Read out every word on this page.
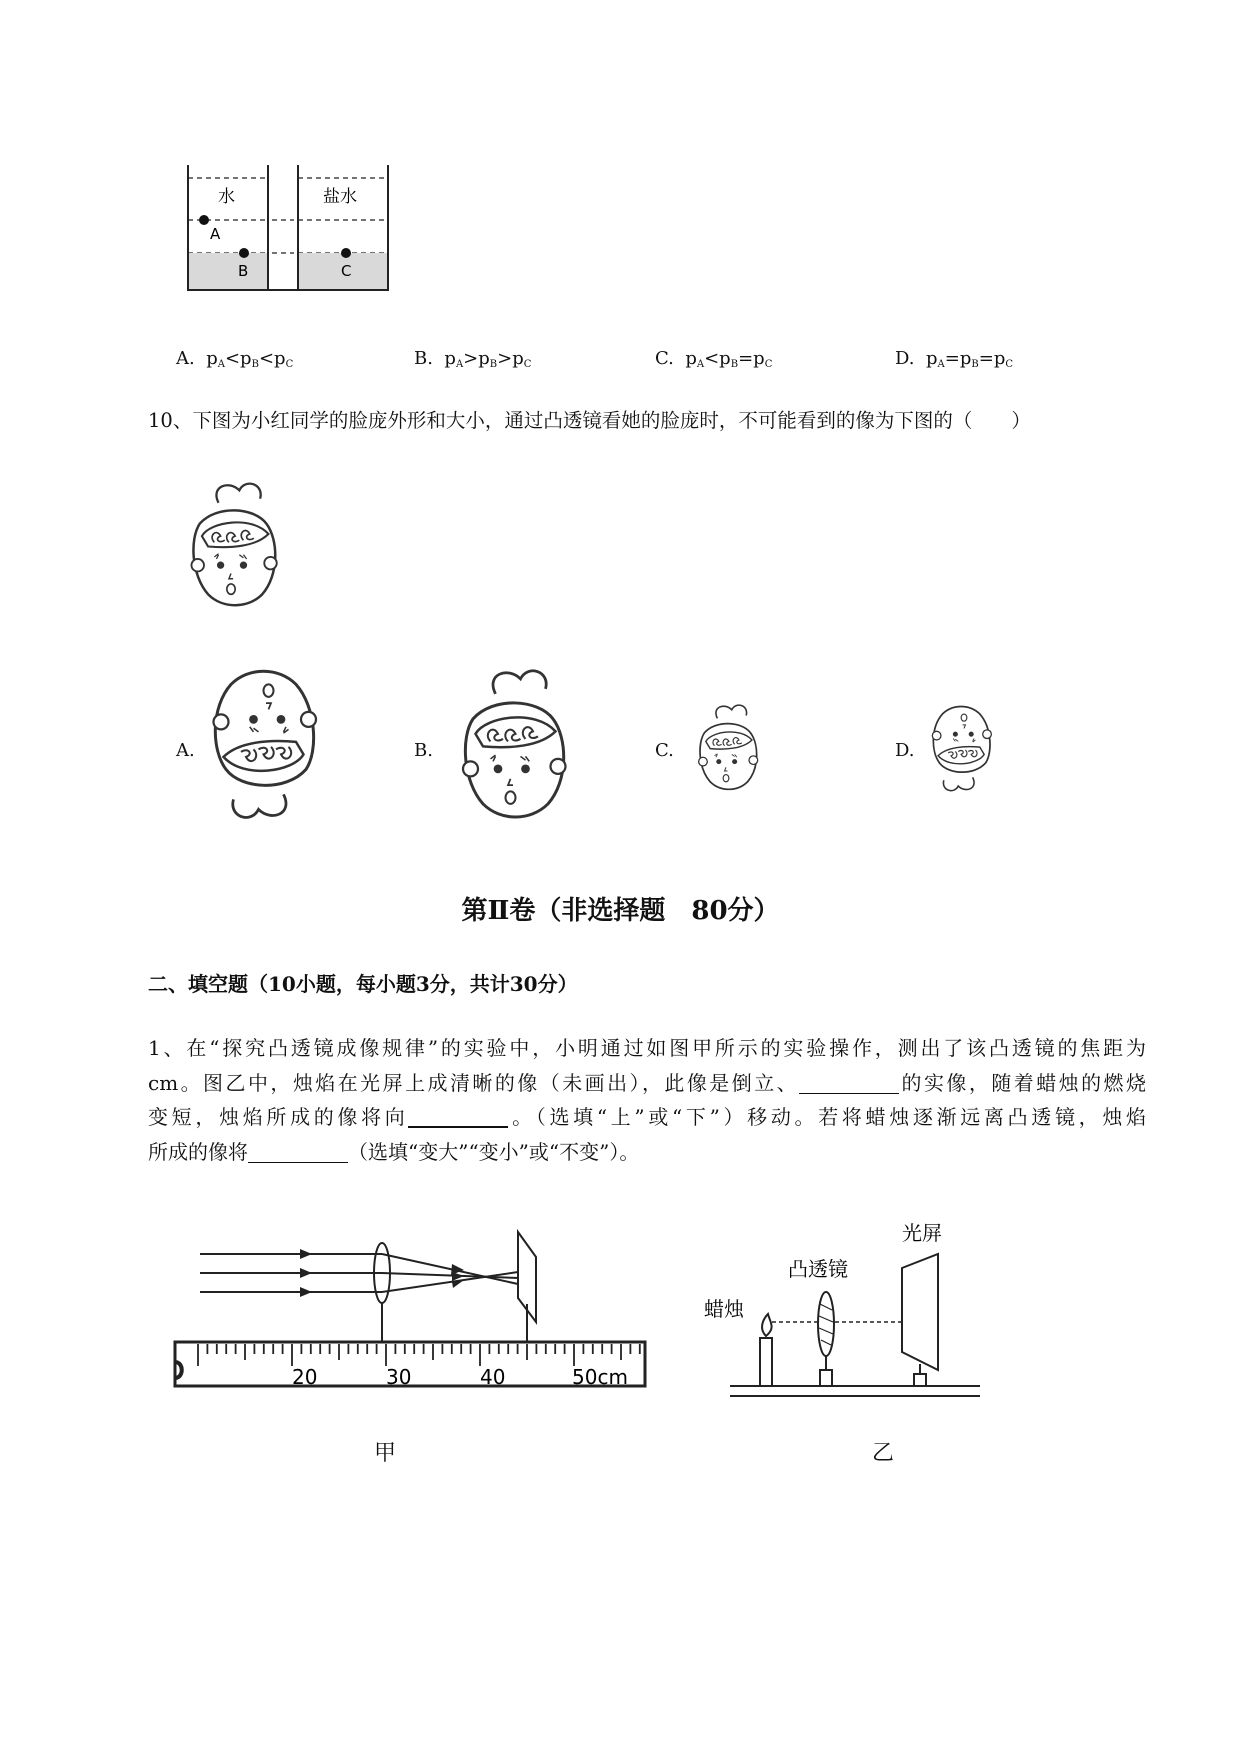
水	盐水
A
B	C
A. $p_A<p_B<p_C$	B. $p_A>p_B>p_C$	C. $p_A<p_B=p_C$	D. $p_A=p_B=p_C$
10、下图为小红同学的脸庞外形和大小，通过凸透镜看她的脸庞时，不可能看到的像为下图的（　　）
A.	B.	C.	D.
第Ⅱ卷（非选择题　80分）
二、填空题（10小题，每小题3分，共计30分）

1、在“探究凸透镜成像规律”的实验中，小明通过如图甲所示的实验操作，测出了该凸透镜的焦距为

cm。图乙中，烛焰在光屏上成清晰的像（未画出），此像是倒立、	的实像，随着蜡烛的燃烧

变短，烛焰所成的像将向	。（选填“上”或“下”）移动。若将蜡烛逐渐远离凸透镜，烛焰

所成的像将	（选填“变大”“变小”或“不变”）。

20	30	40	50cm
甲
光屏
凸透镜
蜡烛
乙
